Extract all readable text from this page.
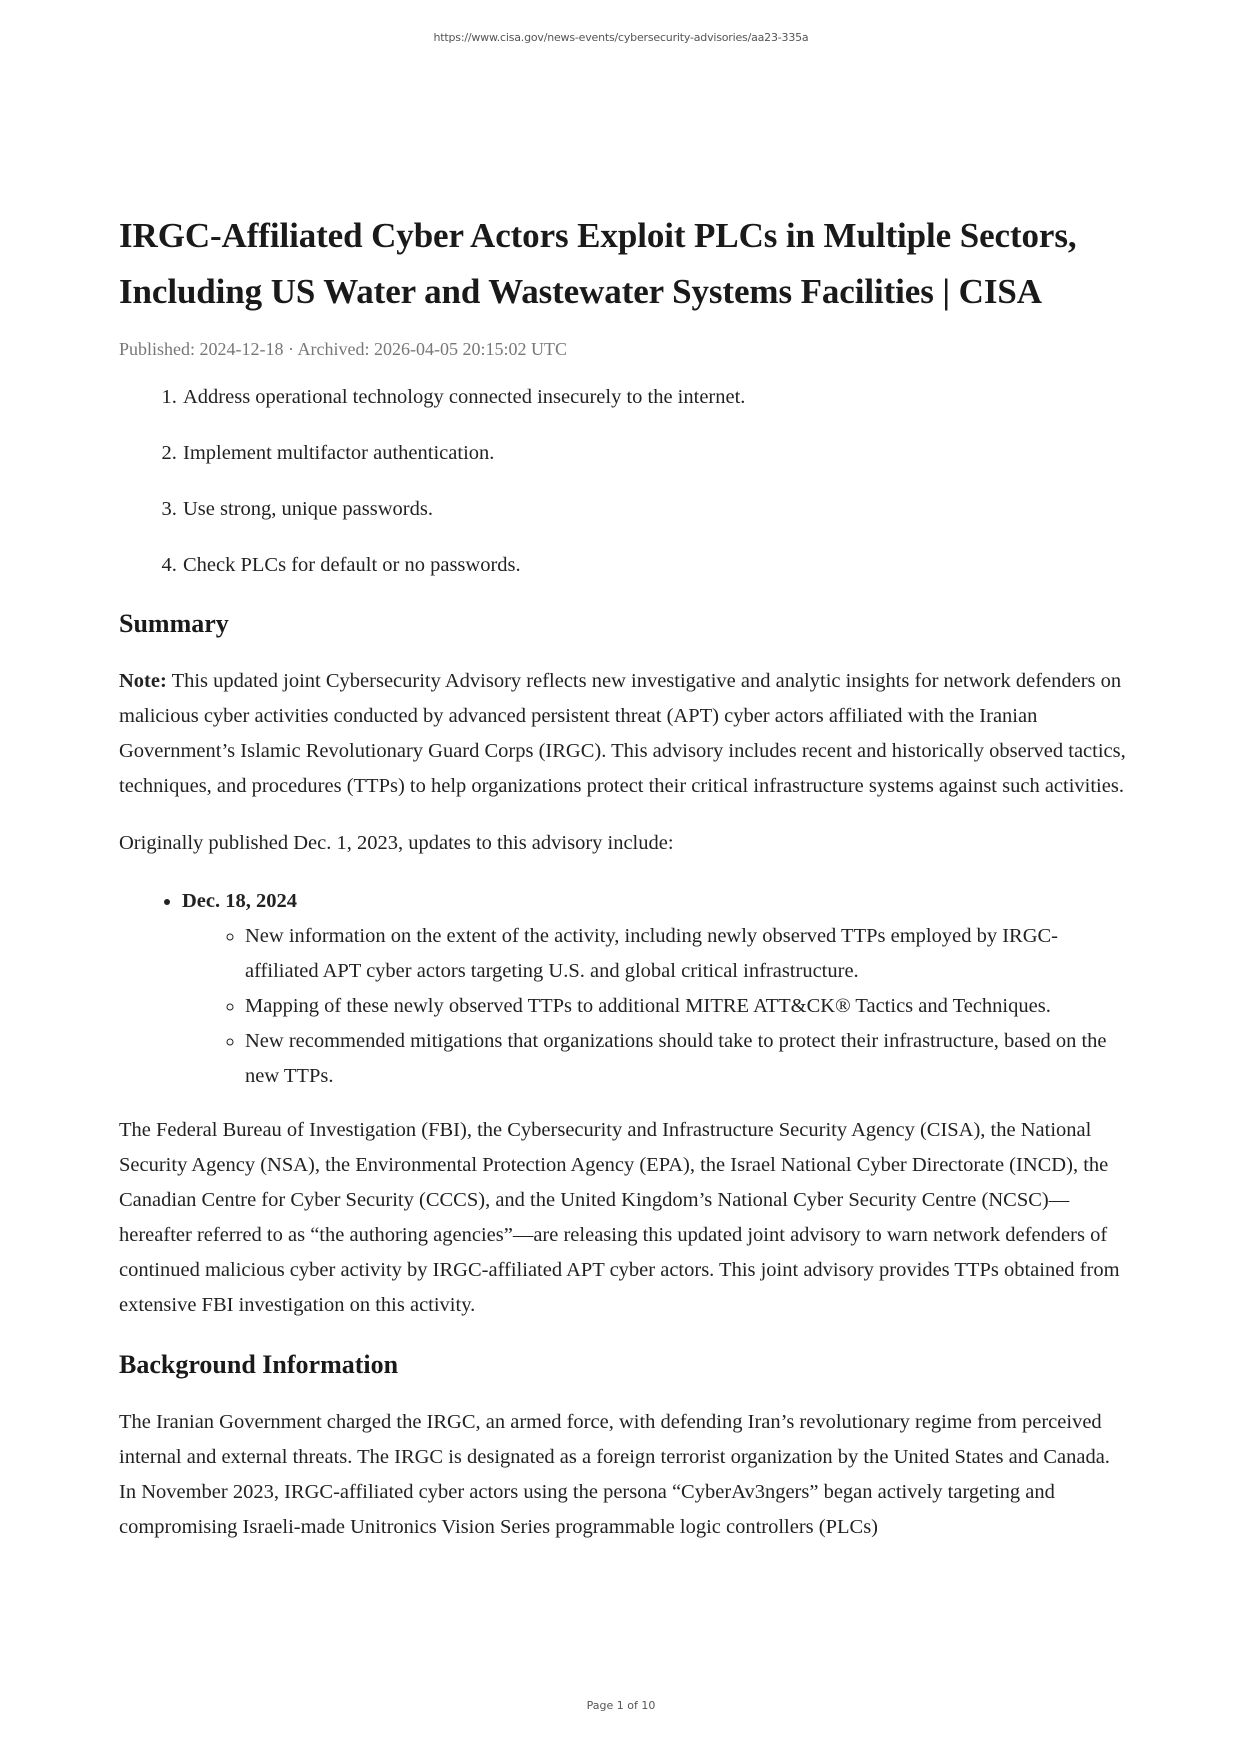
https://www.cisa.gov/news-events/cybersecurity-advisories/aa23-335a
IRGC-Affiliated Cyber Actors Exploit PLCs in Multiple Sectors, Including US Water and Wastewater Systems Facilities | CISA
Published: 2024-12-18 · Archived: 2026-04-05 20:15:02 UTC
1. Address operational technology connected insecurely to the internet.
2. Implement multifactor authentication.
3. Use strong, unique passwords.
4. Check PLCs for default or no passwords.
Summary

Note: This updated joint Cybersecurity Advisory reflects new investigative and analytic insights for network defenders on malicious cyber activities conducted by advanced persistent threat (APT) cyber actors affiliated with the Iranian Government’s Islamic Revolutionary Guard Corps (IRGC). This advisory includes recent and historically observed tactics, techniques, and procedures (TTPs) to help organizations protect their critical infrastructure systems against such activities.

Originally published Dec. 1, 2023, updates to this advisory include:

• Dec. 18, 2024
◦ New information on the extent of the activity, including newly observed TTPs employed by IRGC-affiliated APT cyber actors targeting U.S. and global critical infrastructure.
◦ Mapping of these newly observed TTPs to additional MITRE ATT&CK® Tactics and Techniques.
◦ New recommended mitigations that organizations should take to protect their infrastructure, based on the new TTPs.

The Federal Bureau of Investigation (FBI), the Cybersecurity and Infrastructure Security Agency (CISA), the National Security Agency (NSA), the Environmental Protection Agency (EPA), the Israel National Cyber Directorate (INCD), the Canadian Centre for Cyber Security (CCCS), and the United Kingdom’s National Cyber Security Centre (NCSC)—hereafter referred to as “the authoring agencies”—are releasing this updated joint advisory to warn network defenders of continued malicious cyber activity by IRGC-affiliated APT cyber actors. This joint advisory provides TTPs obtained from extensive FBI investigation on this activity.

Background Information

The Iranian Government charged the IRGC, an armed force, with defending Iran’s revolutionary regime from perceived internal and external threats. The IRGC is designated as a foreign terrorist organization by the United States and Canada. In November 2023, IRGC-affiliated cyber actors using the persona “CyberAv3ngers” began actively targeting and compromising Israeli-made Unitronics Vision Series programmable logic controllers (PLCs)

Page 1 of 10
